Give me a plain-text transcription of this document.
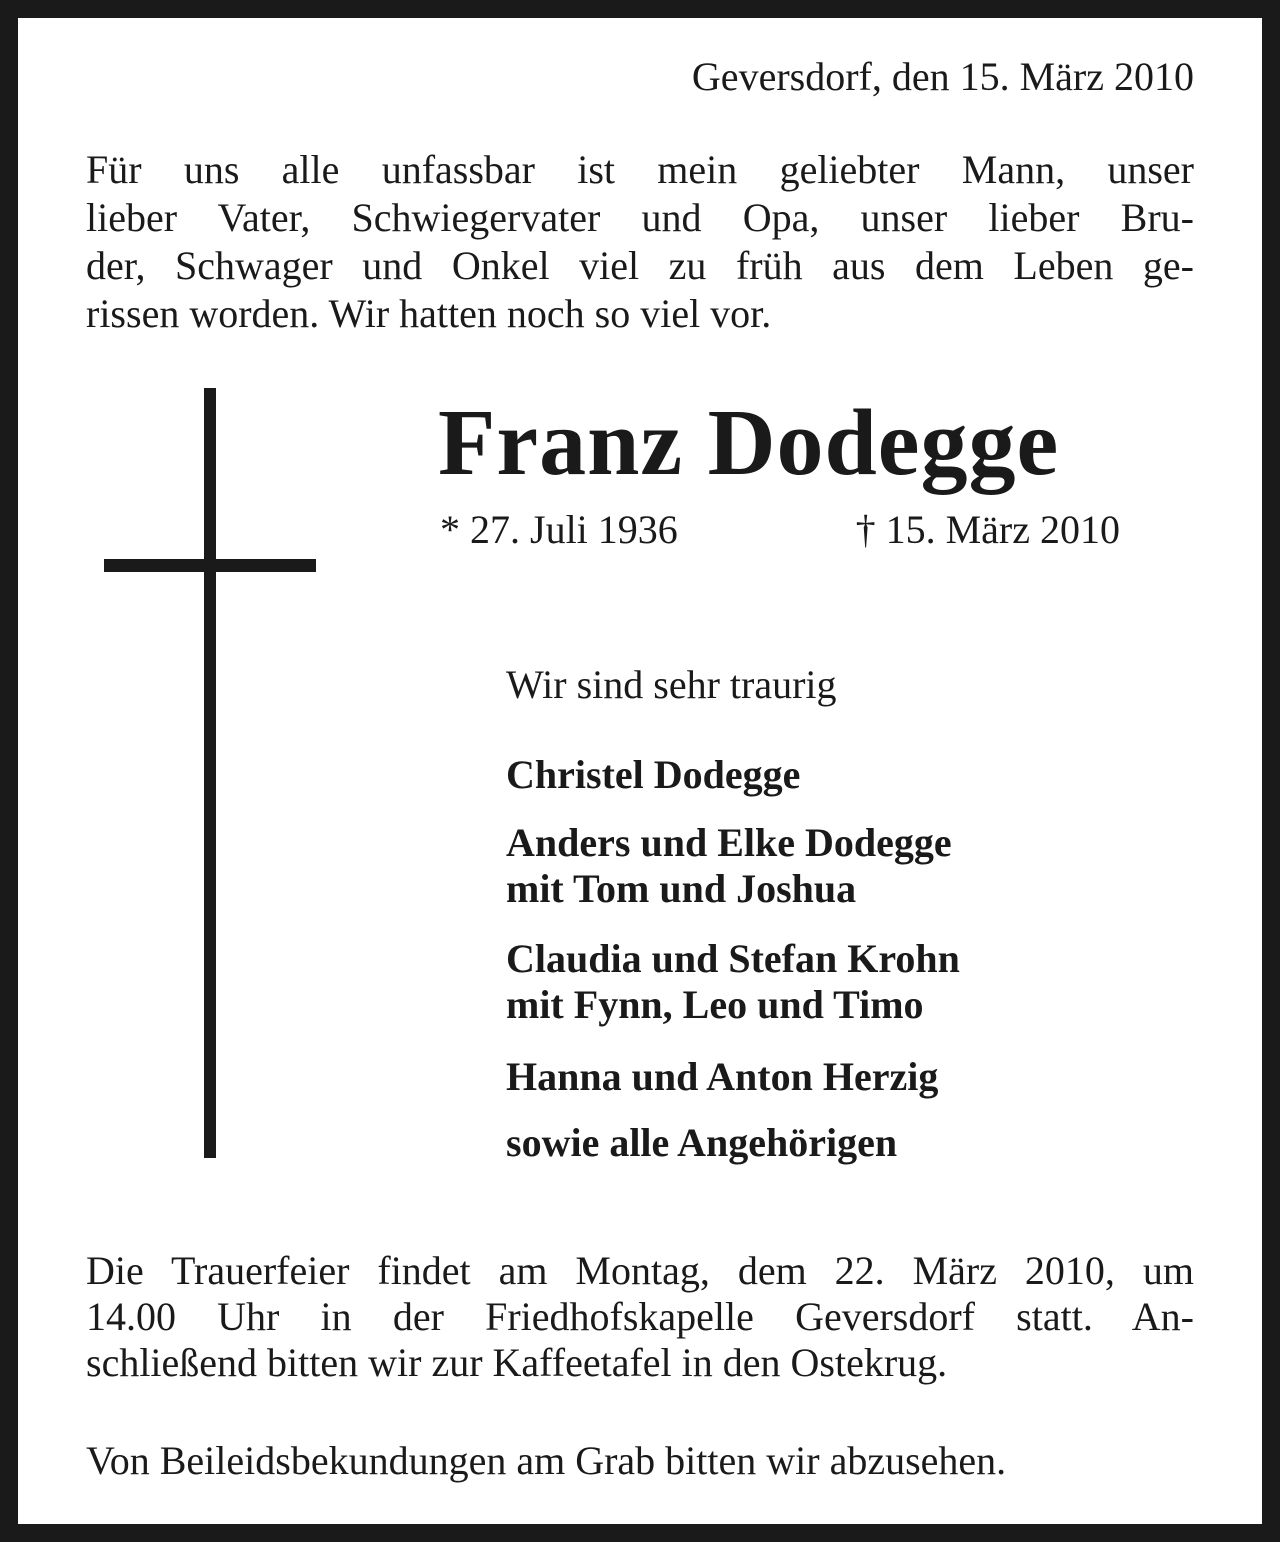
Geversdorf, den 15. März 2010
Für uns alle unfassbar ist mein geliebter Mann, unser
lieber Vater, Schwiegervater und Opa, unser lieber Bru-
der, Schwager und Onkel viel zu früh aus dem Leben ge-
rissen worden. Wir hatten noch so viel vor.
Franz Dodegge
* 27. Juli 1936	† 15. März 2010
Wir sind sehr traurig
Christel Dodegge
Anders und Elke Dodegge
mit Tom und Joshua
Claudia und Stefan Krohn
mit Fynn, Leo und Timo
Hanna und Anton Herzig
sowie alle Angehörigen
Die Trauerfeier findet am Montag, dem 22. März 2010, um
14.00 Uhr in der Friedhofskapelle Geversdorf statt. An-
schließend bitten wir zur Kaffeetafel in den Ostekrug.
Von Beileidsbekundungen am Grab bitten wir abzusehen.
